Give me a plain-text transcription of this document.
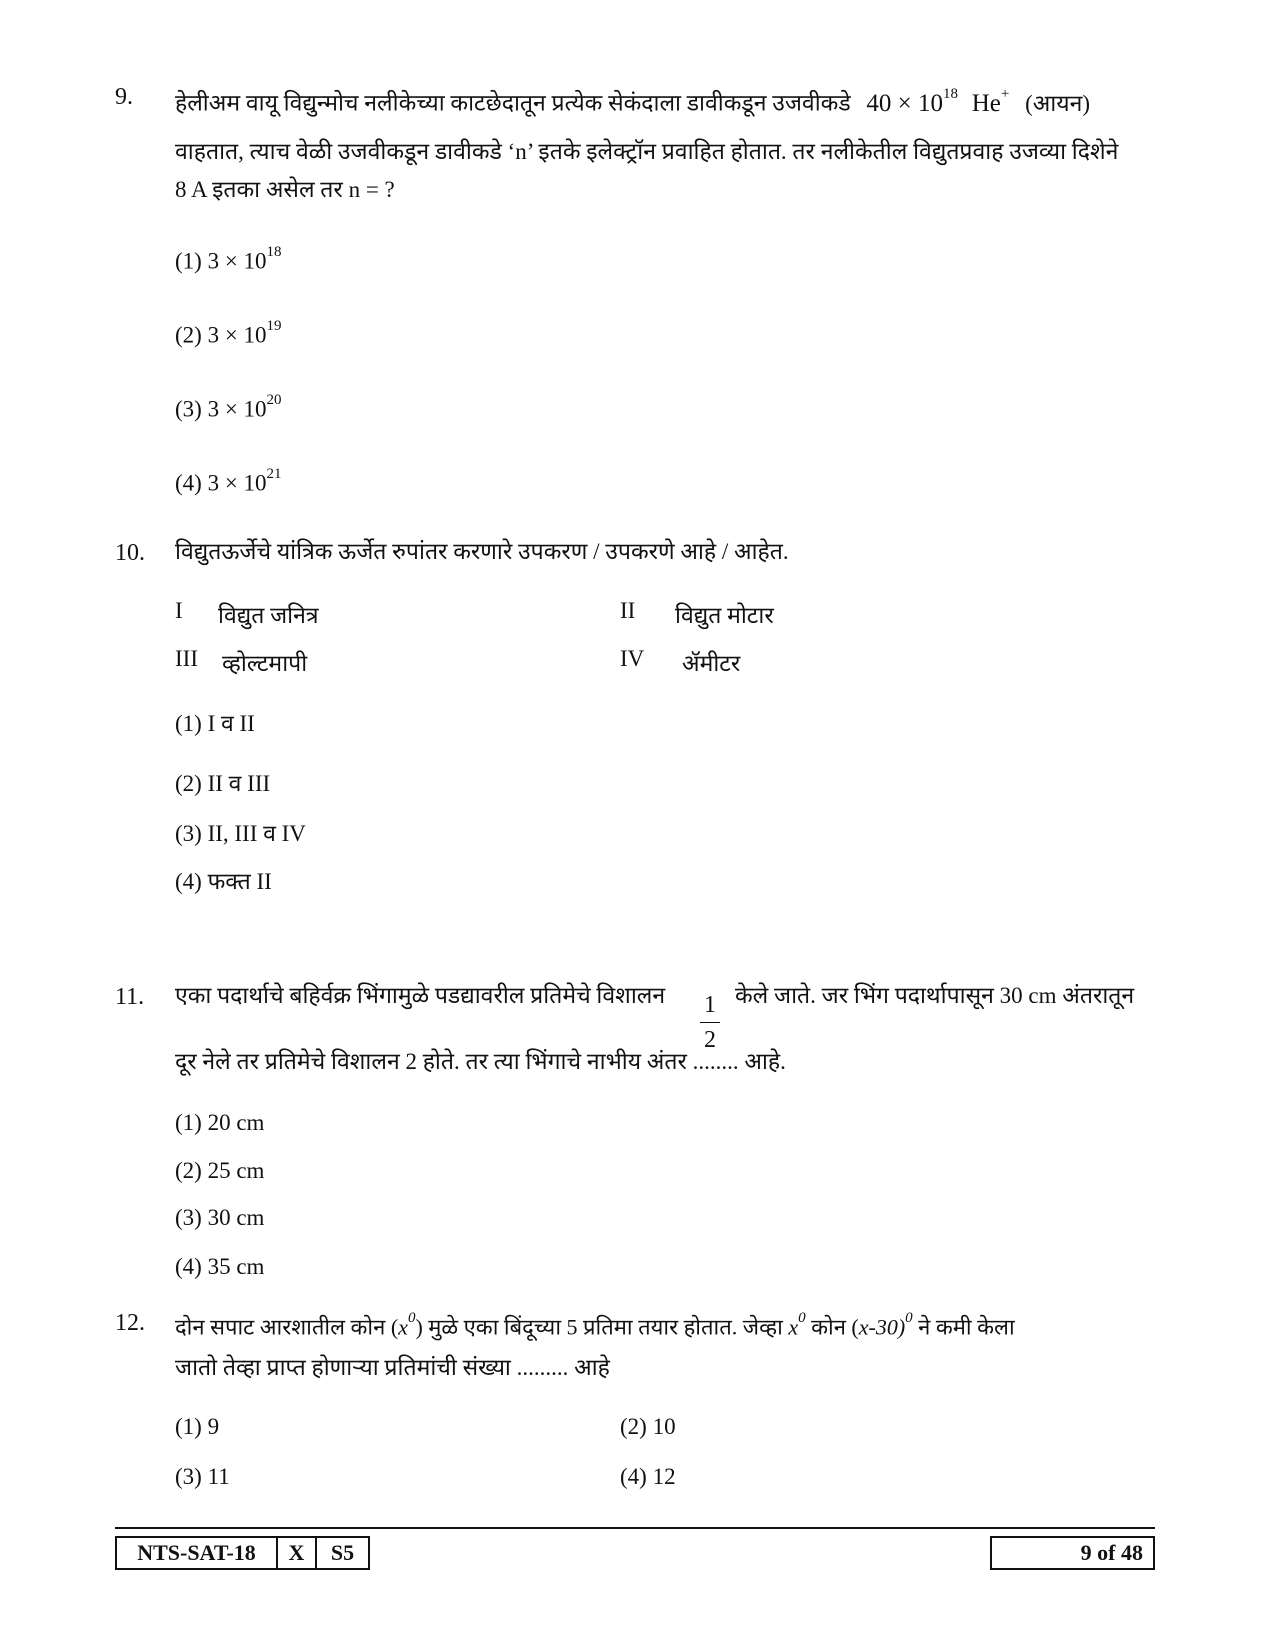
9. हेलीअम वायू विद्युन्मोच नलीकेच्या काटछेदातून प्रत्येक सेकंदाला डावीकडून उजवीकडे $40 \times 10^{18}$ He+ (आयन)
वाहतात, त्याच वेळी उजवीकडून डावीकडे ‘n’ इतके इलेक्ट्रॉन प्रवाहित होतात. तर नलीकेतील विद्युतप्रवाह उजव्या दिशेने
8 A इतका असेल तर n = ?
(1) $3 \times 10^{18}$
(2) $3 \times 10^{19}$
(3) $3 \times 10^{20}$
(4) $3 \times 10^{21}$
10. विद्युतऊर्जेचे यांत्रिक ऊर्जेत रुपांतर करणारे उपकरण / उपकरणे आहे / आहेत.
I विद्युत जनित्र	II विद्युत मोटार
III व्होल्टमापी	IV ॲमीटर
(1) I व II
(2) II व III
(3) II, III व IV
(4) फक्त II
11. एका पदार्थाचे बहिर्वक्र भिंगामुळे पडद्यावरील प्रतिमेचे विशालन 1
2
केले जाते. जर भिंग पदार्थापासून 30 cm अंतरातून
दूर नेले तर प्रतिमेचे विशालन 2 होते. तर त्या भिंगाचे नाभीय अंतर ........ आहे.
(1) 20 cm
(2) 25 cm
(3) 30 cm
(4) 35 cm
12. दोन सपाट आरशातील कोन $(x^0)$ मुळे एका बिंदूच्या 5 प्रतिमा तयार होतात. जेव्हा $x^0$ कोन $(x-30)^0$ ने कमी केला
जातो तेव्हा प्राप्त होणाऱ्या प्रतिमांची संख्या ......... आहे
(1) 9	(2) 10
(3) 11	(4) 12
NTS-SAT-18	X	S5	9 of 48
